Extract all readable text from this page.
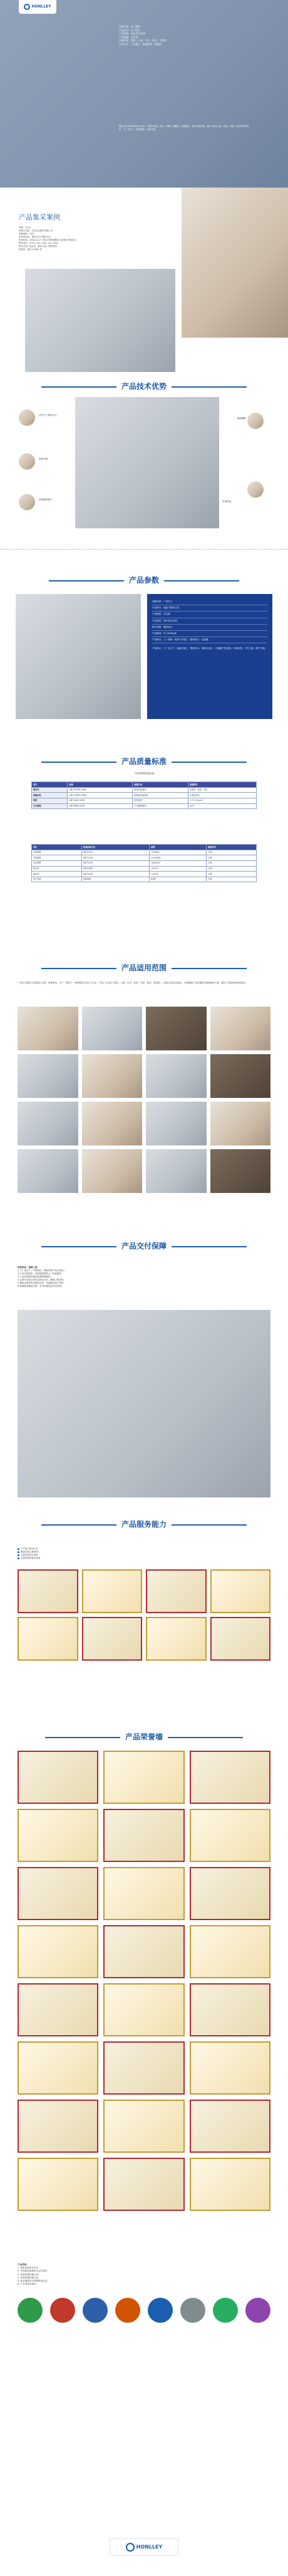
HONLLEY
品牌名称：宏立整体
产品型号：HL-系列
产品材质：SMC复合材料
产品规格：可定制
功能用途：酒店、公寓、住宅、医院、学校等
安装方式：干法施工 · 快速安装 · 免维护
整体卫浴采用SMC复合材料一次模压成型，防水、防潮、耐腐蚀，结构稳定，安装方便快捷，适用于酒店公寓、医院、学校、宿舍等多种场所，工厂化生产，现场装配，品质可靠。
产品集采案例
采购：15 套
采购方名称：万科企业股份有限公司
采购地域：全国
集采供应商：惠州市宏立整体卫浴
集采时间：2018.10.17 采用万科集团整体卫浴集中采购协议
集采电话：0752—XX—XXX—XX—XXX
集采文档产品品类：整体卫浴 / 整体厨房
采购量：超过 20000 套
产品技术优势
开孔位于墙体中心
墙体内嵌
底盘接驳排水
地漏缝隙
防滑底盘
产品参数
品牌名称：广州宏立
产品型号：装配式整体卫浴
产品规格：可定制
产品材质：SMC复合材料
防水等级：整体防水
产品重量：约 120kg/套
产品特点：工厂预制 · 现场干法施工 · 整体防水 · 无渗漏
产品特点：工厂化生产，装配式施工，整体防水，模块化设计，可根据户型定制，安装快捷，节约工期，维护方便。
产品质量标准
产品的物理性能检测
项目	标准	检测方法	质量要求
耐热性	GB/T13095-2008	耐热性能测试	无裂纹、起泡、变色
耐腐蚀性	GB/T13095-2008	耐腐蚀性能测试	无明显变化
密度	GB/T1463-2005	密度测试	1.7-2.0 g/cm³
巴氏硬度	GB/T3854-2005	巴氏硬度测试	≥40
项目	试验标准方法	结果	测试评价
拉伸强度	GB/T1447	≥70MPa	合格
弯曲强度	GB/T1449	≥120MPa	合格
冲击强度	GB/T1451	≥60kJ/m²	合格
吸水率	GB/T1462	≤0.5%	合格
耐热性	GB/T1634	≥150℃	合格
防火性能	GB8624	B1级	合格
产品适用范围
广州宏立整体卫浴有限公司是一家集研发、生产、销售于一体的整体卫浴生产企业，产品广泛应用于酒店、公寓、住宅、医院、学校、宿舍、养老院、工地及各类商业项目，可根据客户需求提供定制化解决方案，满足不同场所的使用需求。
产品交付保障
现货供应，保障工期
1.工厂化生产，严格质检，确保每套产品合格出厂；
2.专业安装团队，全国范围提供上门安装服务；
3.产品质保期内提供免费维修服务；
4.定制产品按合同约定时间交付，确保工程进度；
5.提供完善的售后服务体系，快速响应客户需求；
6.物流配送覆盖全国，安全快捷送达项目现场。
产品服务能力
年产能 30000 套
覆盖全国主要城市
专业研发设计团队
完善的售后服务体系
产品荣誉墙
产品荣誉：
1. 国家高新技术企业
2. 中国建筑装饰协会会员单位
3. 质量管理体系认证
4. 环境管理体系认证
5. 职业健康安全管理体系认证
6. 广东省著名商标
HONLLEY
